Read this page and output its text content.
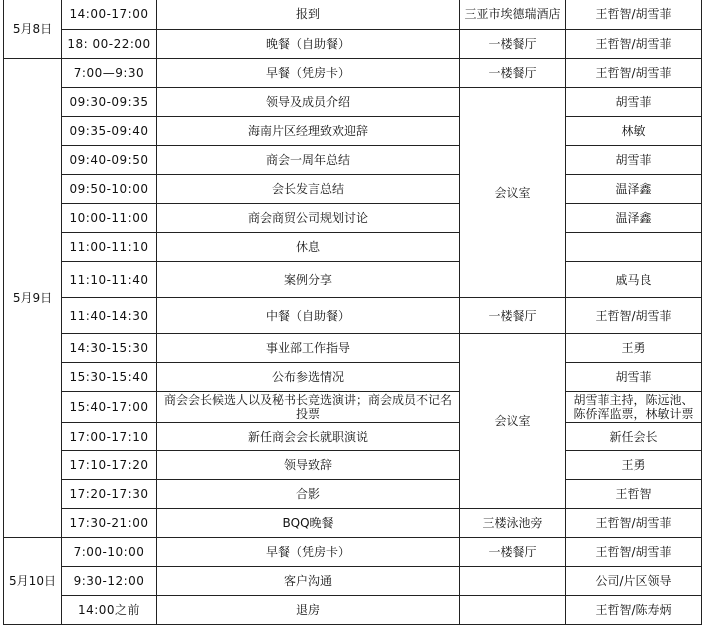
5月8日	14:00-17:00	报到	三亚市埃德瑞酒店	王哲智/胡雪菲
	18: 00-22:00	晚餐（自助餐）	一楼餐厅	王哲智/胡雪菲
5月9日	7:00—9:30	早餐（凭房卡）	一楼餐厅	王哲智/胡雪菲
	09:30-09:35	领导及成员介绍	会议室	胡雪菲
	09:35-09:40	海南片区经理致欢迎辞		林敏
	09:40-09:50	商会一周年总结		胡雪菲
	09:50-10:00	会长发言总结		温泽鑫
	10:00-11:00	商会商贸公司规划讨论		温泽鑫
	11:00-11:10	休息		
	11:10-11:40	案例分享		戚马良
	11:40-14:30	中餐（自助餐）	一楼餐厅	王哲智/胡雪菲
	14:30-15:30	事业部工作指导	会议室	王勇
	15:30-15:40	公布参选情况		胡雪菲
	15:40-17:00	商会会长候选人以及秘书长竞选演讲；商会成员不记名投票		胡雪菲主持，陈远池、陈侨浑监票，林敏计票
	17:00-17:10	新任商会会长就职演说		新任会长
	17:10-17:20	领导致辞		王勇
	17:20-17:30	合影		王哲智
	17:30-21:00	BQQ晚餐	三楼泳池旁	王哲智/胡雪菲
5月10日	7:00-10:00	早餐（凭房卡）	一楼餐厅	王哲智/胡雪菲
	9:30-12:00	客户沟通		公司/片区领导
	14:00之前	退房		王哲智/陈寿炳
